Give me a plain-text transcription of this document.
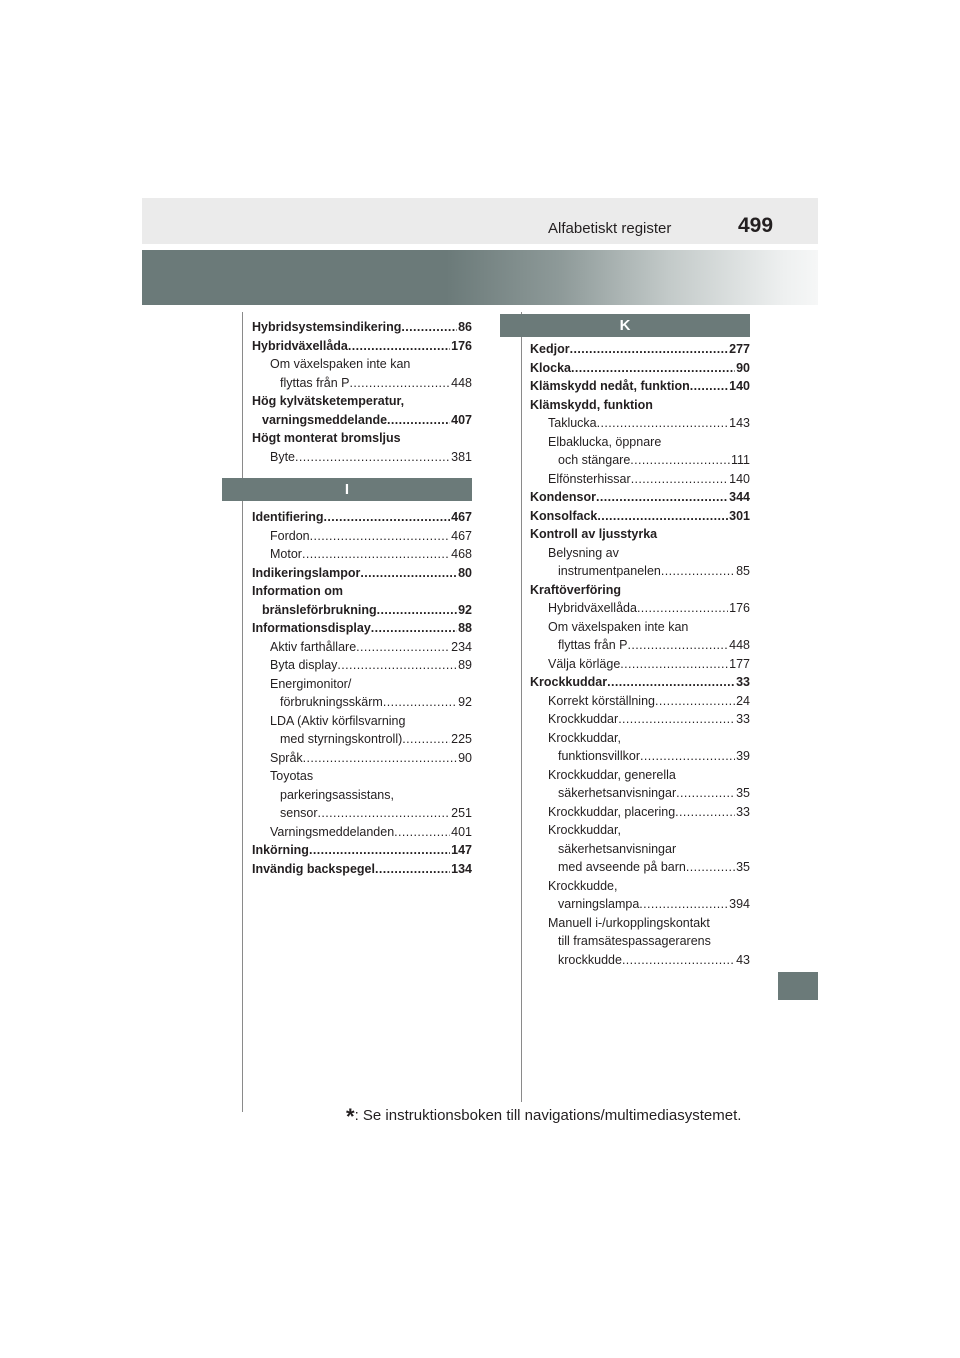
Alfabetiskt register	499
Hybridsystemsindikering .....	86
Hybridväxellåda .....	176
Om växelspaken inte kan
flyttas från P .....	448
Hög kylvätsketemperatur,
varningsmeddelande .....	407
Högt monterat bromsljus
Byte .....	381
I
Identifiering .....	467
Fordon .....	467
Motor .....	468
Indikeringslampor .....	80
Information om
bränsleförbrukning .....	92
Informationsdisplay .....	88
Aktiv farthållare .....	234
Byta display .....	89
Energimonitor/
förbrukningsskärm .....	92
LDA (Aktiv körfilsvarning
med styrningskontroll) .....	225
Språk .....	90
Toyotas
parkeringsassistans,
sensor .....	251
Varningsmeddelanden .....	401
Inkörning .....	147
Invändig backspegel .....	134
K
Kedjor .....	277
Klocka .....	90
Klämskydd nedåt, funktion .....	140
Klämskydd, funktion
Taklucka .....	143
Elbaklucka, öppnare
och stängare .....	111
Elfönsterhissar .....	140
Kondensor .....	344
Konsolfack .....	301
Kontroll av ljusstyrka
Belysning av
instrumentpanelen .....	85
Kraftöverföring
Hybridväxellåda .....	176
Om växelspaken inte kan
flyttas från P .....	448
Välja körläge .....	177
Krockkuddar .....	33
Korrekt körställning .....	24
Krockkuddar .....	33
Krockkuddar,
funktionsvillkor .....	39
Krockkuddar, generella
säkerhetsanvisningar .....	35
Krockkuddar, placering .....	33
Krockkuddar,
säkerhetsanvisningar
med avseende på barn .....	35
Krockkudde,
varningslampa .....	394
Manuell i-/urkopplingskontakt
till framsätespassagerarens
krockkudde .....	43
*: Se instruktionsboken till navigations/multimediasystemet.
